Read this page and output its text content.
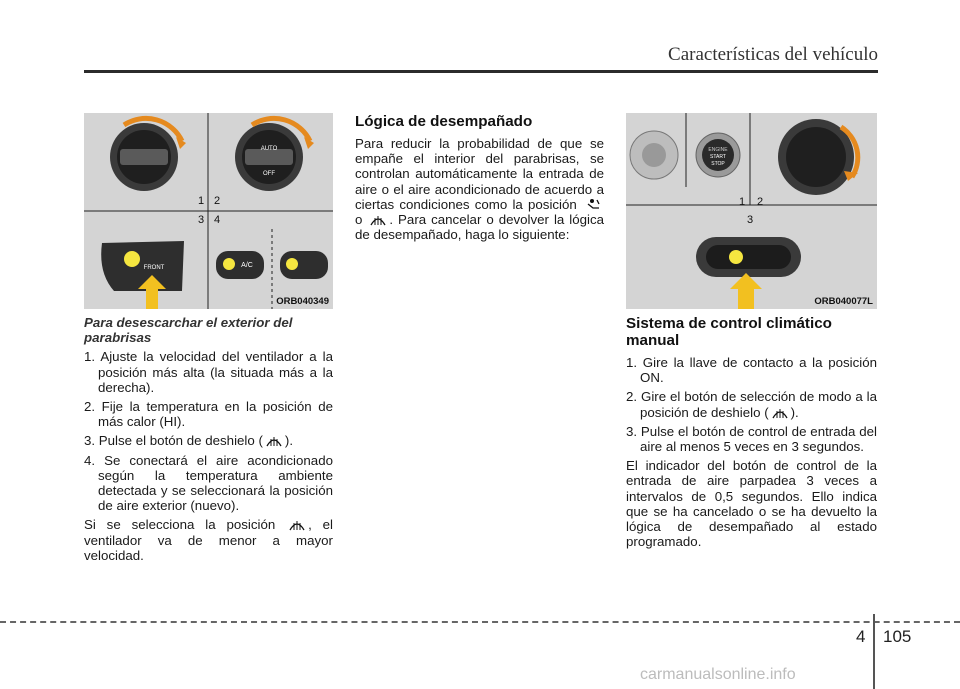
Características del vehículo
AUTO
OFF
FRONT	A/C
1 2
3 4
ORB040349
ENGINE
START
STOP
1 2
3
ORB040077L

Para desescarchar el exterior del parabrisas

1. Ajuste la velocidad del ventilador a la posición más alta (la situada más a la derecha).

2. Fije la temperatura en la posición de más calor (HI).

3. Pulse el botón de deshielo ( ).

4. Se conectará el aire acondicionado según la temperatura ambiente detectada y se seleccionará la posición de aire exterior (nuevo).

Si se selecciona la posición , el ventilador va de menor a mayor velocidad.

Lógica de desempañado

Para reducir la probabilidad de que se empañe el interior del parabrisas, se controlan automáticamente la entrada de aire o el aire acondicionado de acuerdo a ciertas condiciones como la posición  o . Para cancelar o devolver la lógica de desempañado, haga lo siguiente:

Sistema de control climático manual

1. Gire la llave de contacto a la posición ON.

2. Gire el botón de selección de modo a la posición de deshielo ( ).

3. Pulse el botón de control de entrada del aire al menos 5 veces en 3 segundos.

El indicador del botón de control de la entrada de aire parpadea 3 veces a intervalos de 0,5 segundos. Ello indica que se ha cancelado o se ha devuelto la lógica de desempañado al estado programado.

4 105
carmanualsonline.info
